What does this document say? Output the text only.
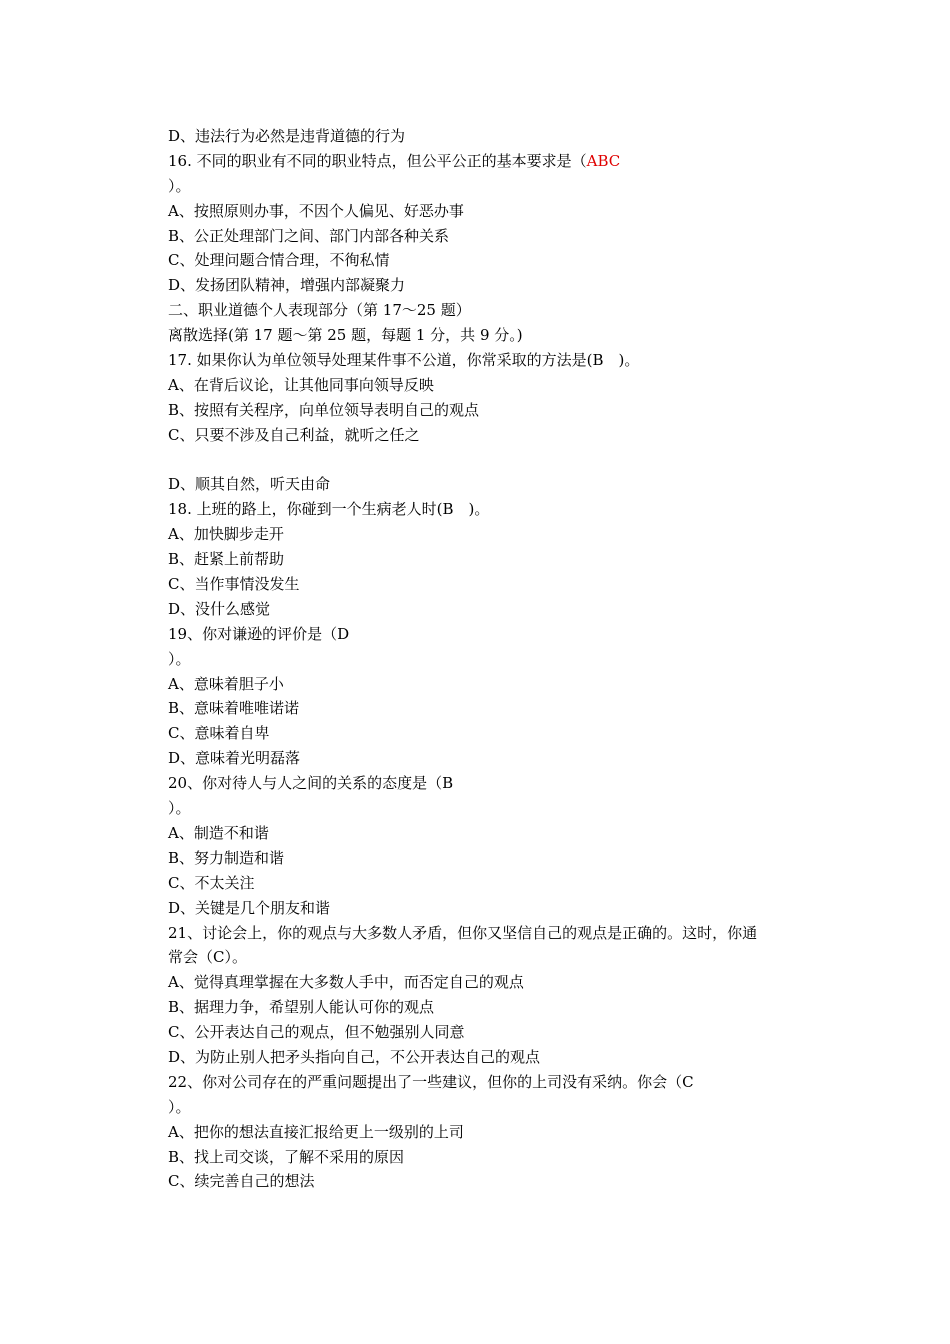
D、违法行为必然是违背道德的行为
16. 不同的职业有不同的职业特点，但公平公正的基本要求是（ABC
）。
A、按照原则办事，不因个人偏见、好恶办事
B、公正处理部门之间、部门内部各种关系
C、处理问题合情合理，不徇私情
D、发扬团队精神，增强内部凝聚力
二、职业道德个人表现部分（第 17～25 题）
离散选择(第 17 题～第 25 题，每题 1 分，共 9 分。)
17. 如果你认为单位领导处理某件事不公道，你常采取的方法是(B　)。
A、在背后议论，让其他同事向领导反映
B、按照有关程序，向单位领导表明自己的观点
C、只要不涉及自己利益，就听之任之
D、顺其自然，听天由命
18. 上班的路上，你碰到一个生病老人时(B　)。
A、加快脚步走开
B、赶紧上前帮助
C、当作事情没发生
D、没什么感觉
19、你对谦逊的评价是（D
）。
A、意味着胆子小
B、意味着唯唯诺诺
C、意味着自卑
D、意味着光明磊落
20、你对待人与人之间的关系的态度是（B
）。
A、制造不和谐
B、努力制造和谐
C、不太关注
D、关键是几个朋友和谐
21、讨论会上，你的观点与大多数人矛盾，但你又坚信自己的观点是正确的。这时，你通
常会（C）。
A、觉得真理掌握在大多数人手中，而否定自己的观点
B、据理力争，希望别人能认可你的观点
C、公开表达自己的观点，但不勉强别人同意
D、为防止别人把矛头指向自己，不公开表达自己的观点
22、你对公司存在的严重问题提出了一些建议，但你的上司没有采纳。你会（C
）。
A、把你的想法直接汇报给更上一级别的上司
B、找上司交谈，了解不采用的原因
C、续完善自己的想法
